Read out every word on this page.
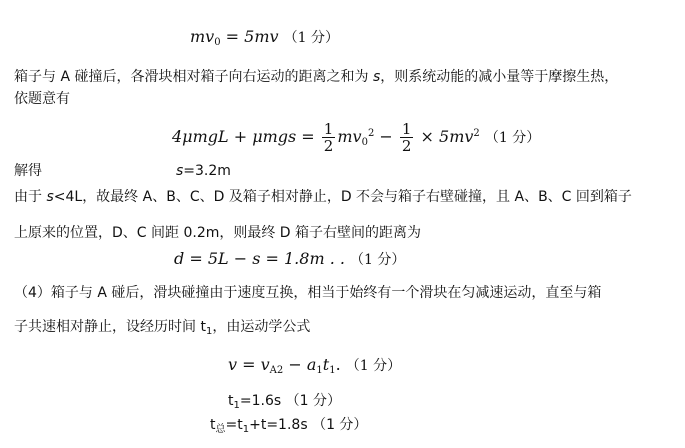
$mv_0 = 5mv$ （1 分）
箱子与 A 碰撞后，各滑块相对箱子向右运动的距离之和为 s，则系统动能的减小量等于摩擦生热，
依题意有
$4\mu mgL + \mu mgs = \frac{1}{2} mv_0^2 - \frac{1}{2} \times 5mv^2$ （1 分）
解得	s=3.2m
由于 s<4L，故最终 A、B、C、D 及箱子相对静止，D 不会与箱子右壁碰撞，且 A、B、C 回到箱子
上原来的位置，D、C 间距 0.2m，则最终 D 箱子右壁间的距离为
d = 5L − s = 1.8m . . （1 分）
（4）箱子与 A 碰后，滑块碰撞由于速度互换，相当于始终有一个滑块在匀减速运动，直至与箱
子共速相对静止，设经历时间 $t_1$，由运动学公式
$v = v_{A2} - a_1t_1$. （1 分）
$t_1=1.6s$ （1 分）
$t_总=t_1+t=1.8s$ （1 分）
